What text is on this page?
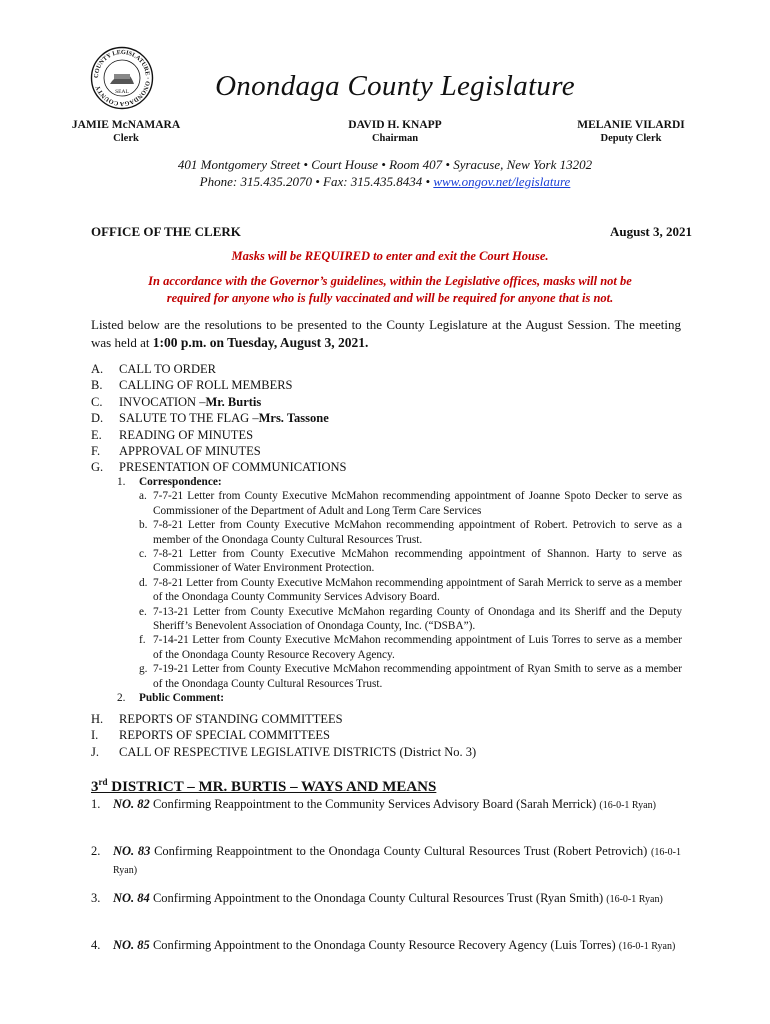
COUNTY LEGISLATURE · ONONDAGA COUNTY
SEAL	Onondaga County Legislature
JAMIE McNAMARA
Clerk
DAVID H. KNAPP
Chairman
MELANIE VILARDI
Deputy Clerk
401 Montgomery Street • Court House • Room 407 • Syracuse, New York 13202
Phone: 315.435.2070 • Fax: 315.435.8434 • www.ongov.net/legislature
OFFICE OF THE CLERK	August 3, 2021
Masks will be REQUIRED to enter and exit the Court House.
In accordance with the Governor’s guidelines, within the Legislative offices, masks will not be
required for anyone who is fully vaccinated and will be required for anyone that is not.
Listed below are the resolutions to be presented to the County Legislature at the August Session. The meeting was held at 1:00 p.m. on Tuesday, August 3, 2021.
A.	CALL TO ORDER
B.	CALLING OF ROLL MEMBERS
C.	INVOCATION – Mr. Burtis
D.	SALUTE TO THE FLAG – Mrs. Tassone
E.	READING OF MINUTES
F.	APPROVAL OF MINUTES
G.	PRESENTATION OF COMMUNICATIONS
1.	Correspondence:
a. 7-7-21 Letter from County Executive McMahon recommending appointment of Joanne Spoto Decker to serve as Commissioner of the Department of Adult and Long Term Care Services
b. 7-8-21 Letter from County Executive McMahon recommending appointment of Robert. Petrovich to serve as a member of the Onondaga County Cultural Resources Trust.
c. 7-8-21 Letter from County Executive McMahon recommending appointment of Shannon. Harty to serve as Commissioner of Water Environment Protection.
d. 7-8-21 Letter from County Executive McMahon recommending appointment of Sarah Merrick to serve as a member of the Onondaga County Community Services Advisory Board.
e. 7-13-21 Letter from County Executive McMahon regarding County of Onondaga and its Sheriff and the Deputy Sheriff’s Benevolent Association of Onondaga County, Inc. (“DSBA”).
f. 7-14-21 Letter from County Executive McMahon recommending appointment of Luis Torres to serve as a member of the Onondaga County Resource Recovery Agency.
g. 7-19-21 Letter from County Executive McMahon recommending appointment of Ryan Smith to serve as a member of the Onondaga County Cultural Resources Trust.
2.	Public Comment:
H.	REPORTS OF STANDING COMMITTEES
I.	REPORTS OF SPECIAL COMMITTEES
J.	CALL OF RESPECTIVE LEGISLATIVE DISTRICTS (District No. 3)
3rd DISTRICT – MR. BURTIS – WAYS AND MEANS
1.	NO. 82 Confirming Reappointment to the Community Services Advisory Board (Sarah Merrick) (16-0-1 Ryan)
2.	NO. 83 Confirming Reappointment to the Onondaga County Cultural Resources Trust (Robert Petrovich) (16-0-1 Ryan)
3.	NO. 84 Confirming Appointment to the Onondaga County Cultural Resources Trust (Ryan Smith) (16-0-1 Ryan)
4.	NO. 85 Confirming Appointment to the Onondaga County Resource Recovery Agency (Luis Torres) (16-0-1 Ryan)
